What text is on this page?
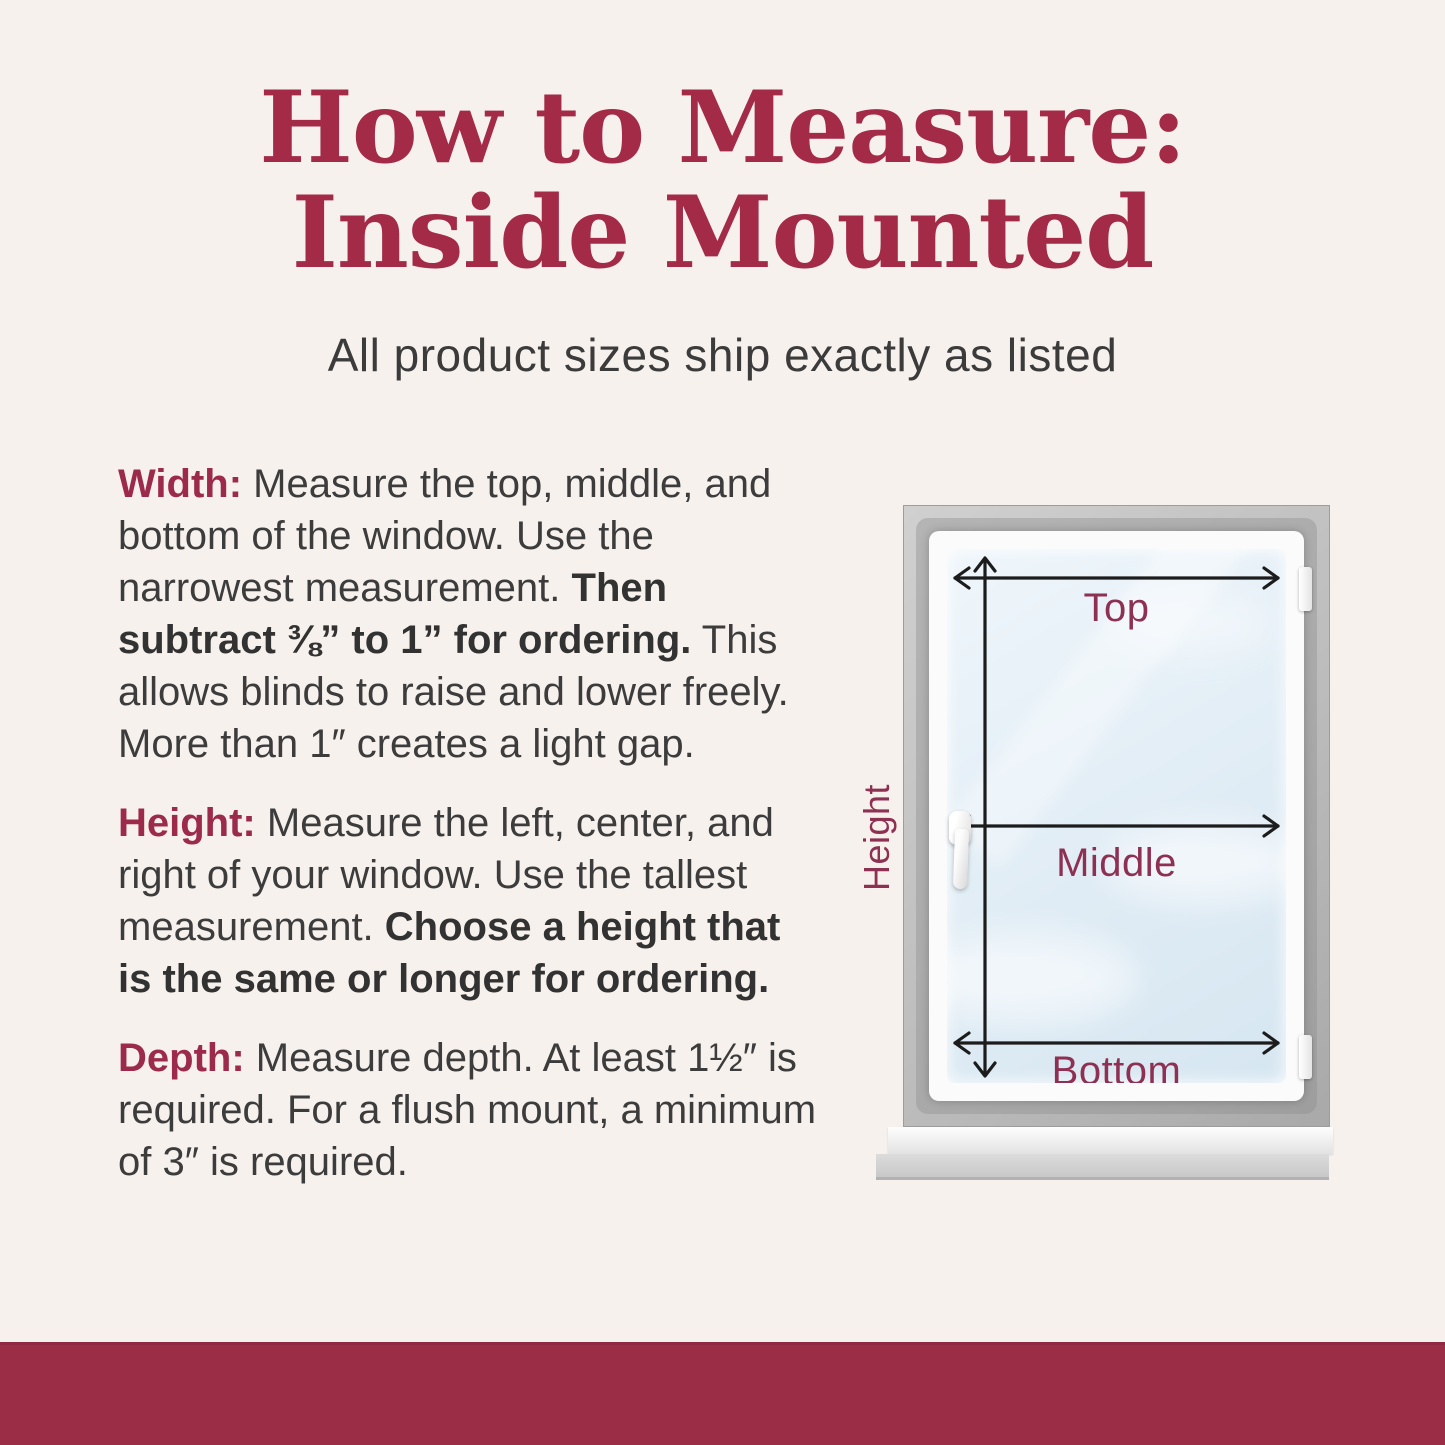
How to Measure:
Inside Mounted
All product sizes ship exactly as listed

Width: Measure the top, middle, and bottom of the window. Use the narrowest measurement. Then subtract ⅜” to 1” for ordering. This allows blinds to raise and lower freely. More than 1″ creates a light gap.

Height: Measure the left, center, and right of your window. Use the tallest measurement. Choose a height that is the same or longer for ordering.

Depth: Measure depth. At least 1½″ is required. For a flush mount, a minimum of 3″ is required.

Height
Top
Middle
Bottom
